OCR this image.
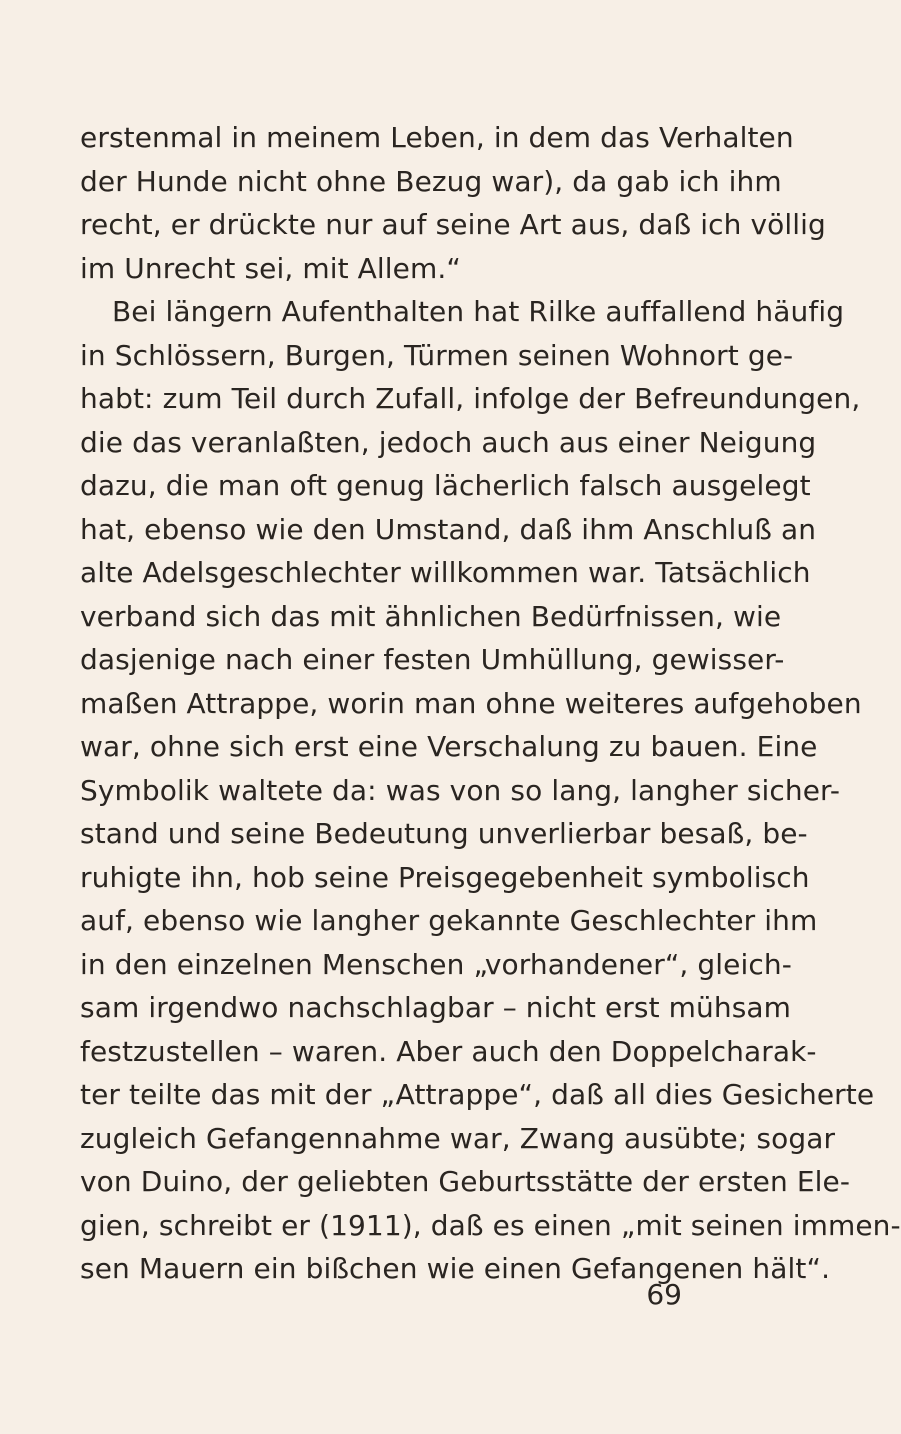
erstenmal in meinem Leben, in dem das Verhalten
der Hunde nicht ohne Bezug war), da gab ich ihm
recht, er drückte nur auf seine Art aus, daß ich völlig
im Unrecht sei, mit Allem.“
Bei längern Aufenthalten hat Rilke auffallend häufig
in Schlössern, Burgen, Türmen seinen Wohnort ge-
habt: zum Teil durch Zufall, infolge der Befreundungen,
die das veranlaßten, jedoch auch aus einer Neigung
dazu, die man oft genug lächerlich falsch ausgelegt
hat, ebenso wie den Umstand, daß ihm Anschluß an
alte Adelsgeschlechter willkommen war. Tatsächlich
verband sich das mit ähnlichen Bedürfnissen, wie
dasjenige nach einer festen Umhüllung, gewisser-
maßen Attrappe, worin man ohne weiteres aufgehoben
war, ohne sich erst eine Verschalung zu bauen. Eine
Symbolik waltete da: was von so lang, langher sicher-
stand und seine Bedeutung unverlierbar besaß, be-
ruhigte ihn, hob seine Preisgegebenheit symbolisch
auf, ebenso wie langher gekannte Geschlechter ihm
in den einzelnen Menschen „vorhandener“, gleich-
sam irgendwo nachschlagbar – nicht erst mühsam
festzustellen – waren. Aber auch den Doppelcharak-
ter teilte das mit der „Attrappe“, daß all dies Gesicherte
zugleich Gefangennahme war, Zwang ausübte; sogar
von Duino, der geliebten Geburtsstätte der ersten Ele-
gien, schreibt er (1911), daß es einen „mit seinen immen-
sen Mauern ein bißchen wie einen Gefangenen hält“.
69
